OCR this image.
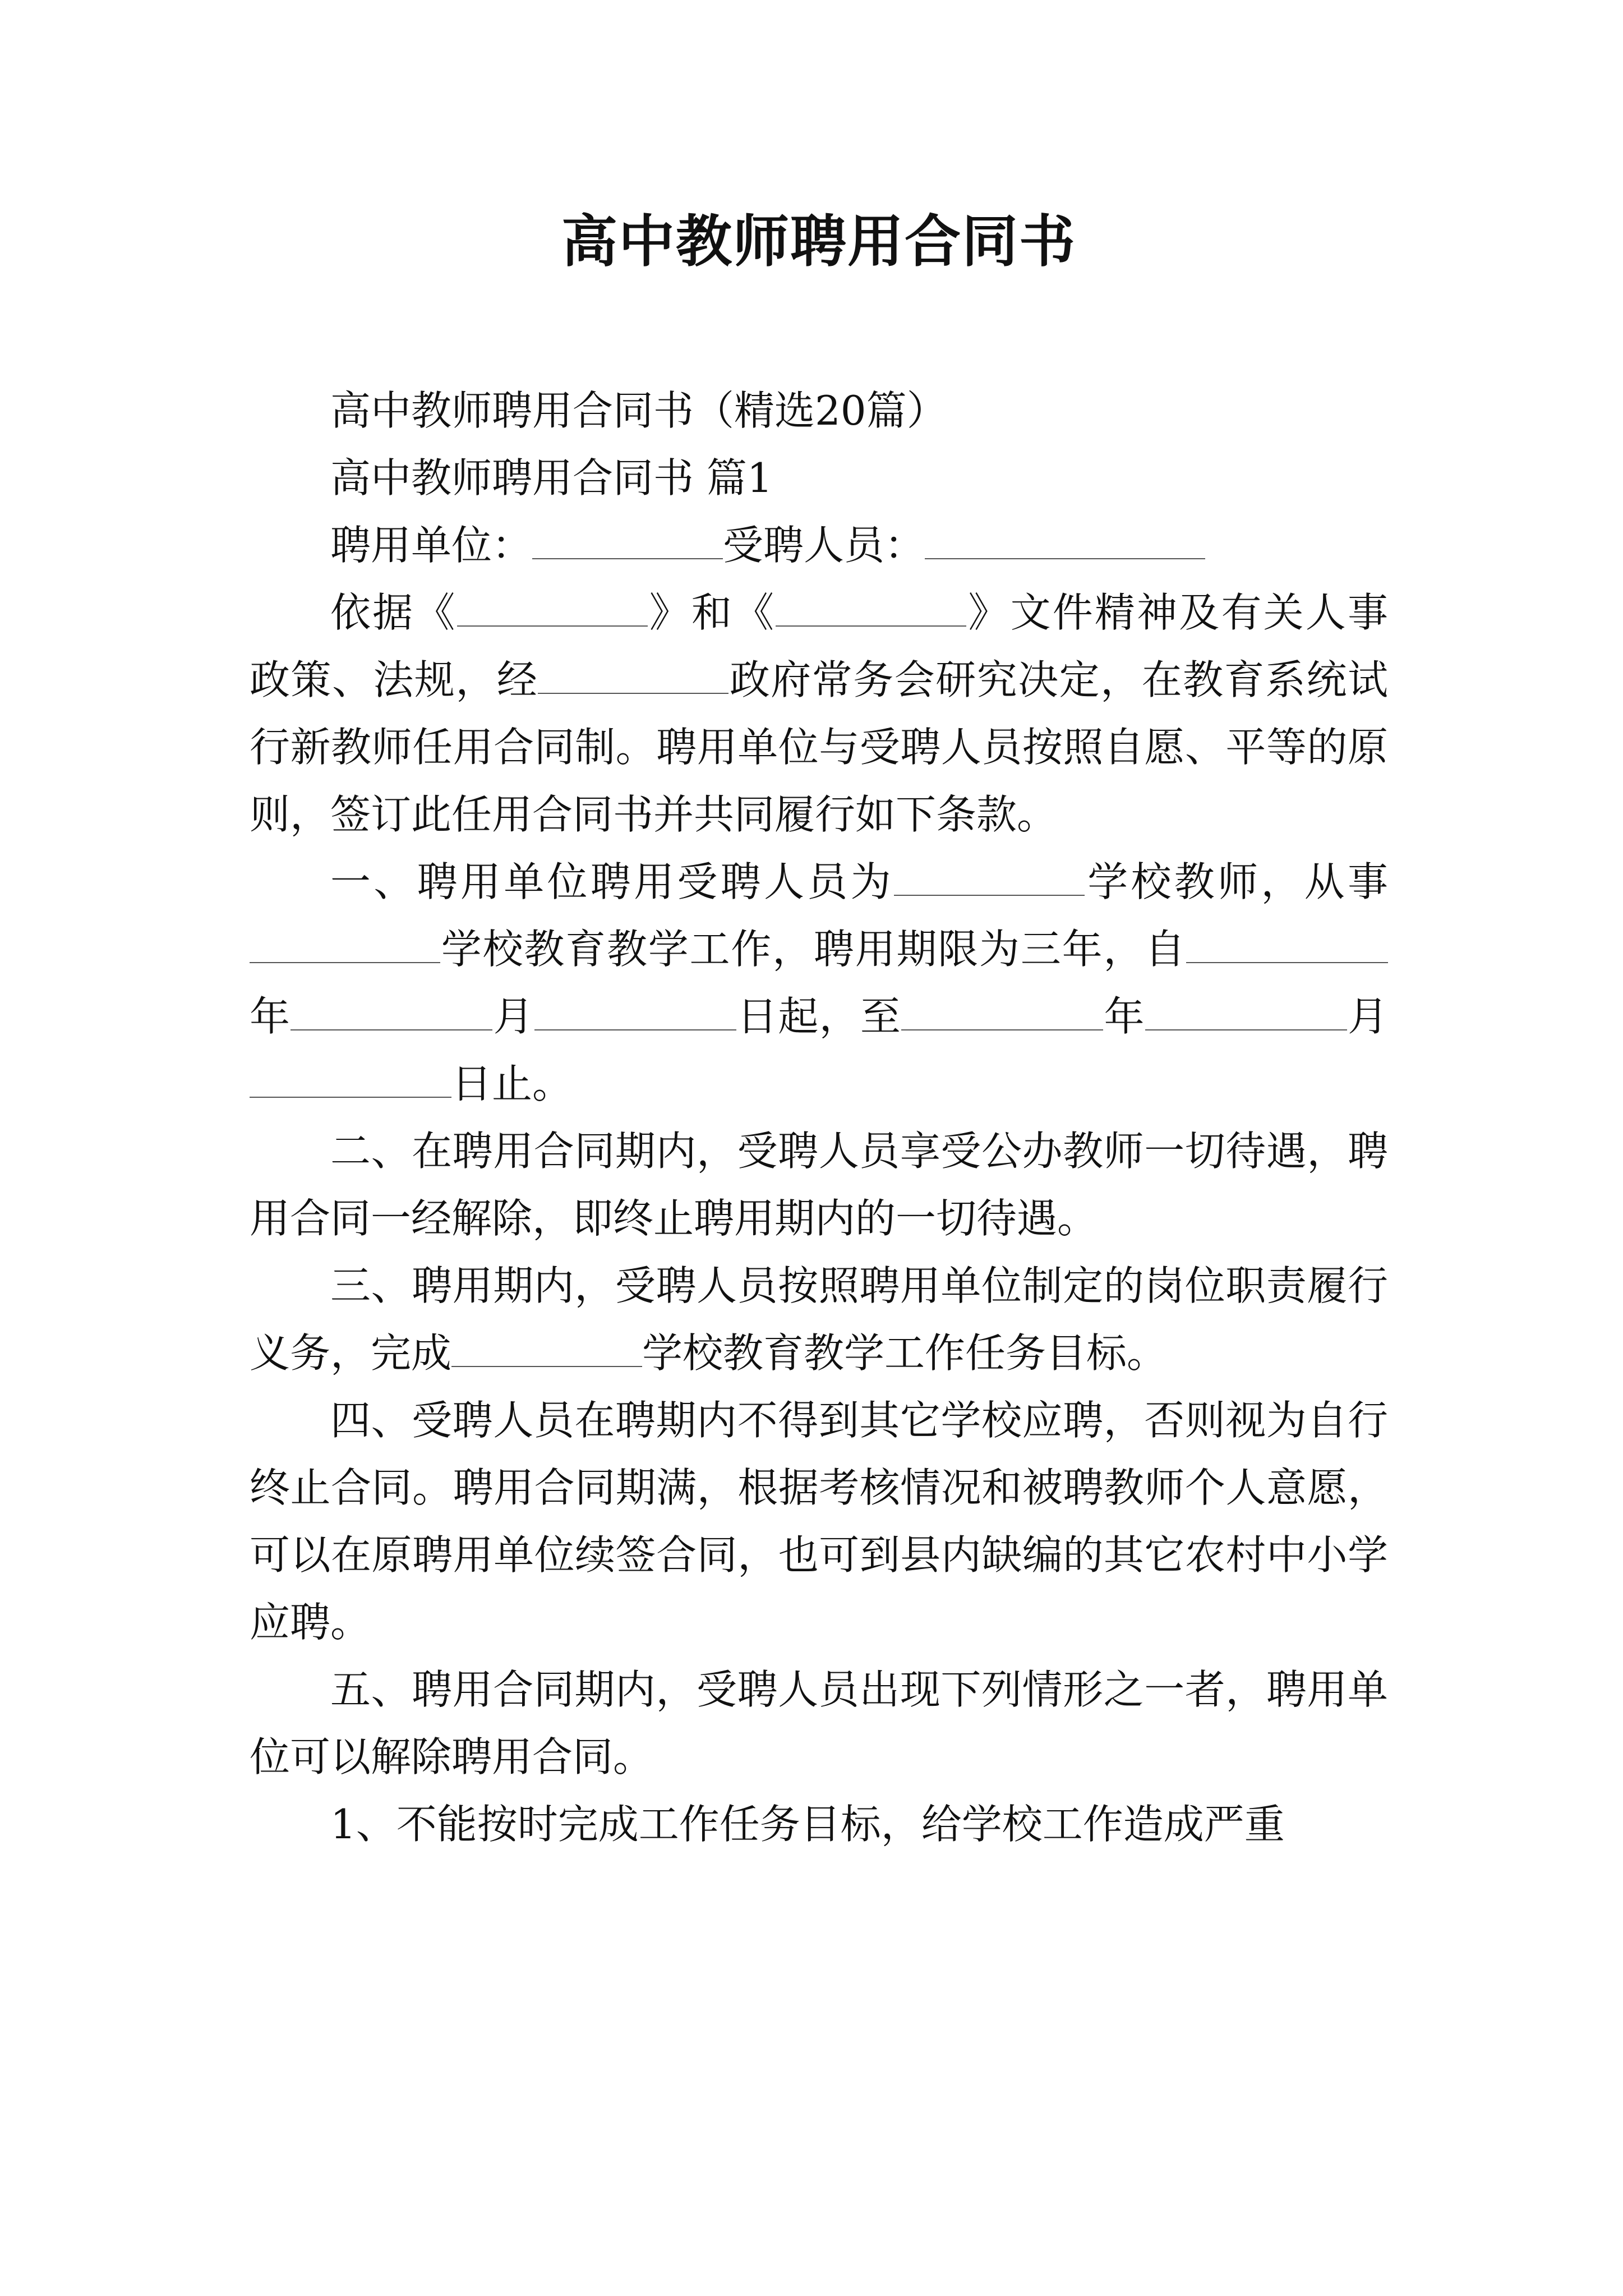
高中教师聘用合同书

高中教师聘用合同书（精选20篇）

高中教师聘用合同书 篇1

聘用单位：	受聘人员：

依据《	》和《	》文件精神及有关人事政策、法规，经	政府常务会研究决定，在教育系统试行新教师任用合同制。聘用单位与受聘人员按照自愿、平等的原则，签订此任用合同书并共同履行如下条款。

一、聘用单位聘用受聘人员为	学校教师，从事学校教育教学工作，聘用期限为三年，自年	月	日起，至	年	月日止。

二、在聘用合同期内，受聘人员享受公办教师一切待遇，聘用合同一经解除，即终止聘用期内的一切待遇。

三、聘用期内，受聘人员按照聘用单位制定的岗位职责履行义务，完成	学校教育教学工作任务目标。

四、受聘人员在聘期内不得到其它学校应聘，否则视为自行终止合同。聘用合同期满，根据考核情况和被聘教师个人意愿，可以在原聘用单位续签合同，也可到县内缺编的其它农村中小学应聘。

五、聘用合同期内，受聘人员出现下列情形之一者，聘用单位可以解除聘用合同。

1、不能按时完成工作任务目标，给学校工作造成严重
